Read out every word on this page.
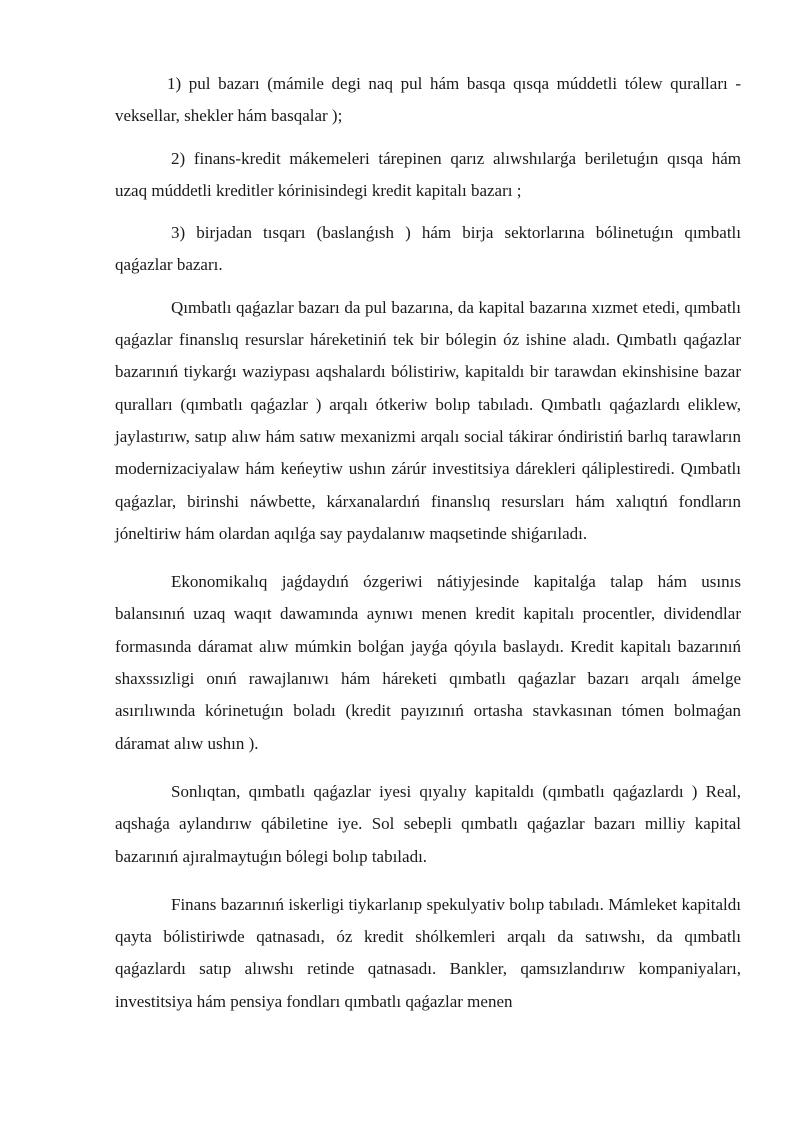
1) pul bazarı (mámile degi naq pul hám basqa qısqa múddetli tólew quralları - veksellar, shekler hám basqalar );

2) finans-kredit mákemeleri tárepinen qarız alıwshılarǵa beriletuǵın qısqa hám uzaq múddetli kreditler kórinisindegi kredit kapitalı bazarı ;

3) birjadan tısqarı (baslanǵısh ) hám birja sektorlarına bólinetuǵın qımbatlı qaǵazlar bazarı.

Qımbatlı qaǵazlar bazarı da pul bazarına, da kapital bazarına xızmet etedi, qımbatlı qaǵazlar finanslıq resurslar háreketiniń tek bir bólegin óz ishine aladı. Qımbatlı qaǵazlar bazarınıń tiykarǵı waziypası aqshalardı bólistiriw, kapitaldı bir tarawdan ekinshisine bazar quralları (qımbatlı qaǵazlar ) arqalı ótkeriw bolıp tabıladı. Qımbatlı qaǵazlardı eliklew, jaylastırıw, satıp alıw hám satıw mexanizmi arqalı social tákirar óndiristiń barlıq tarawların modernizaciyalaw hám keńeytiw ushın zárúr investitsiya dárekleri qáliplestiredi. Qımbatlı qaǵazlar, birinshi náwbette, kárxanalardıń finanslıq resursları hám xalıqtıń fondların jóneltiriw hám olardan aqılǵa say paydalanıw maqsetinde shiǵarıladı.

Ekonomikalıq jaǵdaydıń ózgeriwi nátiyjesinde kapitalǵa talap hám usınıs balansınıń uzaq waqıt dawamında aynıwı menen kredit kapitalı procentler, dividendlar formasında dáramat alıw múmkin bolǵan jayǵa qóyıla baslaydı. Kredit kapitalı bazarınıń shaxssızligi onıń rawajlanıwı hám háreketi qımbatlı qaǵazlar bazarı arqalı ámelge asırılıwında kórinetuǵın boladı (kredit payızınıń ortasha stavkasınan tómen bolmaǵan dáramat alıw ushın ).

Sonlıqtan, qımbatlı qaǵazlar iyesi qıyalıy kapitaldı (qımbatlı qaǵazlardı ) Real, aqshaǵa aylandırıw qábiletine iye. Sol sebepli qımbatlı qaǵazlar bazarı milliy kapital bazarınıń ajıralmaytuǵın bólegi bolıp tabıladı.

Finans bazarınıń iskerligi tiykarlanıp spekulyativ bolıp tabıladı. Mámleket kapitaldı qayta bólistiriwde qatnasadı, óz kredit shólkemleri arqalı da satıwshı, da qımbatlı qaǵazlardı satıp alıwshı retinde qatnasadı. Bankler, qamsızlandırıw kompaniyaları, investitsiya hám pensiya fondları qımbatlı qaǵazlar menen
